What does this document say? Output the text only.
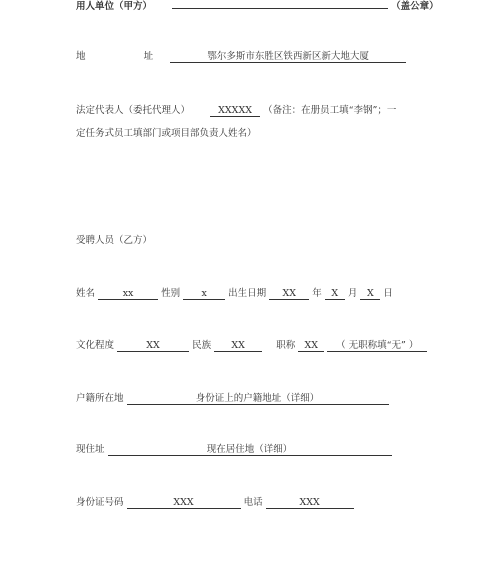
用人单位（甲方）	（盖公章）
地	址	鄂尔多斯市东胜区铁西新区新大地大厦
法定代表人（委托代理人）	XXXXX （备注：在册员工填“李钢”；一
定任务式员工填部门或项目部负责人姓名）
受聘人员（乙方）
姓名	xx	性别 x 出生日期 XX 年 X 月 X 日
文化程度	XX	民族 XX	职称 XX （ 无职称填“无” ）
户籍所在地	身份证上的户籍地址（详细）
现住址	现在居住地（详细）
身份证号码	XXX	电话	XXX
